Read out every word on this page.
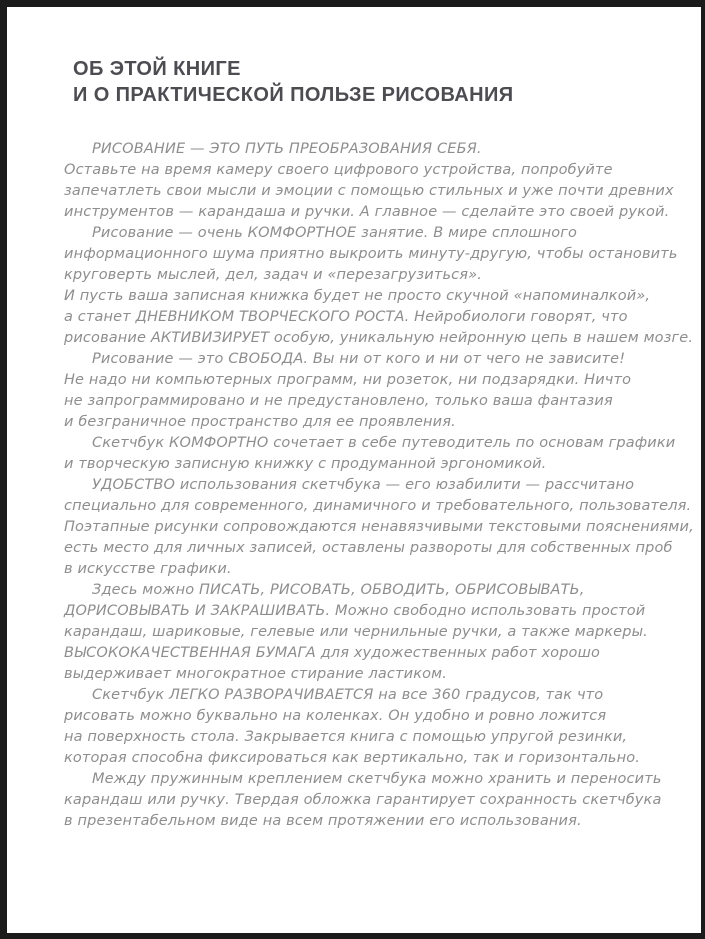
ОБ ЭТОЙ КНИГЕ
И О ПРАКТИЧЕСКОЙ ПОЛЬЗЕ РИСОВАНИЯ
РИСОВАНИЕ — ЭТО ПУТЬ ПРЕОБРАЗОВАНИЯ СЕБЯ.
Оставьте на время камеру своего цифрового устройства, попробуйте
запечатлеть свои мысли и эмоции с помощью стильных и уже почти древних
инструментов — карандаша и ручки. А главное — сделайте это своей рукой.
Рисование — очень КОМФОРТНОЕ занятие. В мире сплошного
информационного шума приятно выкроить минуту-другую, чтобы остановить
круговерть мыслей, дел, задач и «перезагрузиться».
И пусть ваша записная книжка будет не просто скучной «напоминалкой»,
а станет ДНЕВНИКОМ ТВОРЧЕСКОГО РОСТА. Нейробиологи говорят, что
рисование АКТИВИЗИРУЕТ особую, уникальную нейронную цепь в нашем мозге.
Рисование — это СВОБОДА. Вы ни от кого и ни от чего не зависите!
Не надо ни компьютерных программ, ни розеток, ни подзарядки. Ничто
не запрограммировано и не предустановлено, только ваша фантазия
и безграничное пространство для ее проявления.
Скетчбук КОМФОРТНО сочетает в себе путеводитель по основам графики
и творческую записную книжку с продуманной эргономикой.
УДОБСТВО использования скетчбука — его юзабилити — рассчитано
специально для современного, динамичного и требовательного, пользователя.
Поэтапные рисунки сопровождаются ненавязчивыми текстовыми пояснениями,
есть место для личных записей, оставлены развороты для собственных проб
в искусстве графики.
Здесь можно ПИСАТЬ, РИСОВАТЬ, ОБВОДИТЬ, ОБРИСОВЫВАТЬ,
ДОРИСОВЫВАТЬ И ЗАКРАШИВАТЬ. Можно свободно использовать простой
карандаш, шариковые, гелевые или чернильные ручки, а также маркеры.
ВЫСОКОКАЧЕСТВЕННАЯ БУМАГА для художественных работ хорошо
выдерживает многократное стирание ластиком.
Скетчбук ЛЕГКО РАЗВОРАЧИВАЕТСЯ на все 360 градусов, так что
рисовать можно буквально на коленках. Он удобно и ровно ложится
на поверхность стола. Закрывается книга с помощью упругой резинки,
которая способна фиксироваться как вертикально, так и горизонтально.
Между пружинным креплением скетчбука можно хранить и переносить
карандаш или ручку. Твердая обложка гарантирует сохранность скетчбука
в презентабельном виде на всем протяжении его использования.
